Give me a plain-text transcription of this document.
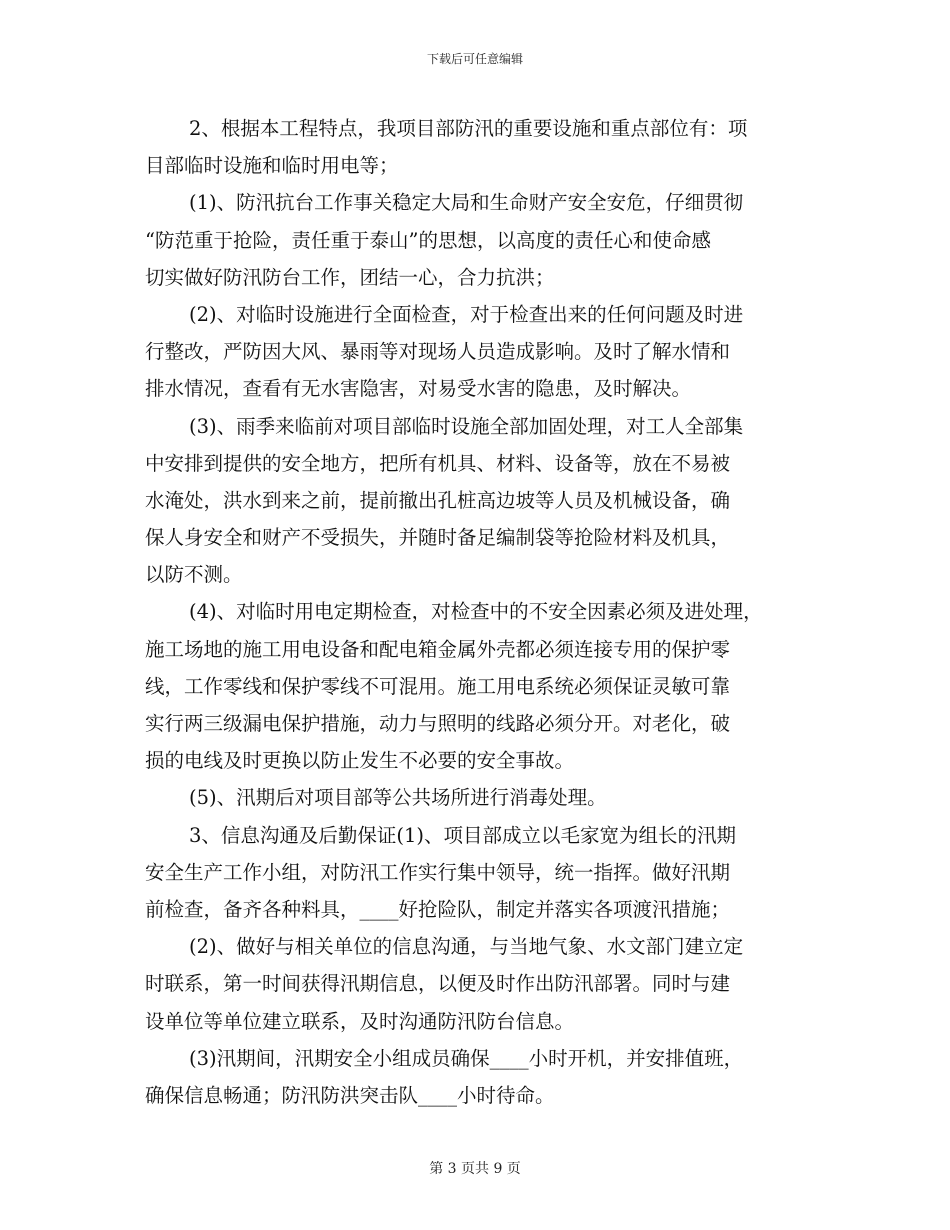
下载后可任意编辑
2、根据本工程特点，我项目部防汛的重要设施和重点部位有：项
目部临时设施和临时用电等；
(1)、防汛抗台工作事关稳定大局和生命财产安全安危，仔细贯彻
“防范重于抢险，责任重于泰山”的思想，以高度的责任心和使命感
切实做好防汛防台工作，团结一心，合力抗洪；
(2)、对临时设施进行全面检查，对于检查出来的任何问题及时进
行整改，严防因大风、暴雨等对现场人员造成影响。及时了解水情和
排水情况，查看有无水害隐害，对易受水害的隐患，及时解决。
(3)、雨季来临前对项目部临时设施全部加固处理，对工人全部集
中安排到提供的安全地方，把所有机具、材料、设备等，放在不易被
水淹处，洪水到来之前，提前撤出孔桩高边坡等人员及机械设备，确
保人身安全和财产不受损失，并随时备足编制袋等抢险材料及机具，
以防不测。
(4)、对临时用电定期检查，对检查中的不安全因素必须及进处理，
施工场地的施工用电设备和配电箱金属外壳都必须连接专用的保护零
线，工作零线和保护零线不可混用。施工用电系统必须保证灵敏可靠
实行两三级漏电保护措施，动力与照明的线路必须分开。对老化，破
损的电线及时更换以防止发生不必要的安全事故。
(5)、汛期后对项目部等公共场所进行消毒处理。
3、信息沟通及后勤保证(1)、项目部成立以毛家宽为组长的汛期
安全生产工作小组，对防汛工作实行集中领导，统一指挥。做好汛期
前检查，备齐各种料具，____好抢险队，制定并落实各项渡汛措施；
(2)、做好与相关单位的信息沟通，与当地气象、水文部门建立定
时联系，第一时间获得汛期信息，以便及时作出防汛部署。同时与建
设单位等单位建立联系，及时沟通防汛防台信息。
(3)汛期间，汛期安全小组成员确保____小时开机，并安排值班，
确保信息畅通；防汛防洪突击队____小时待命。
第 3 页共 9 页
